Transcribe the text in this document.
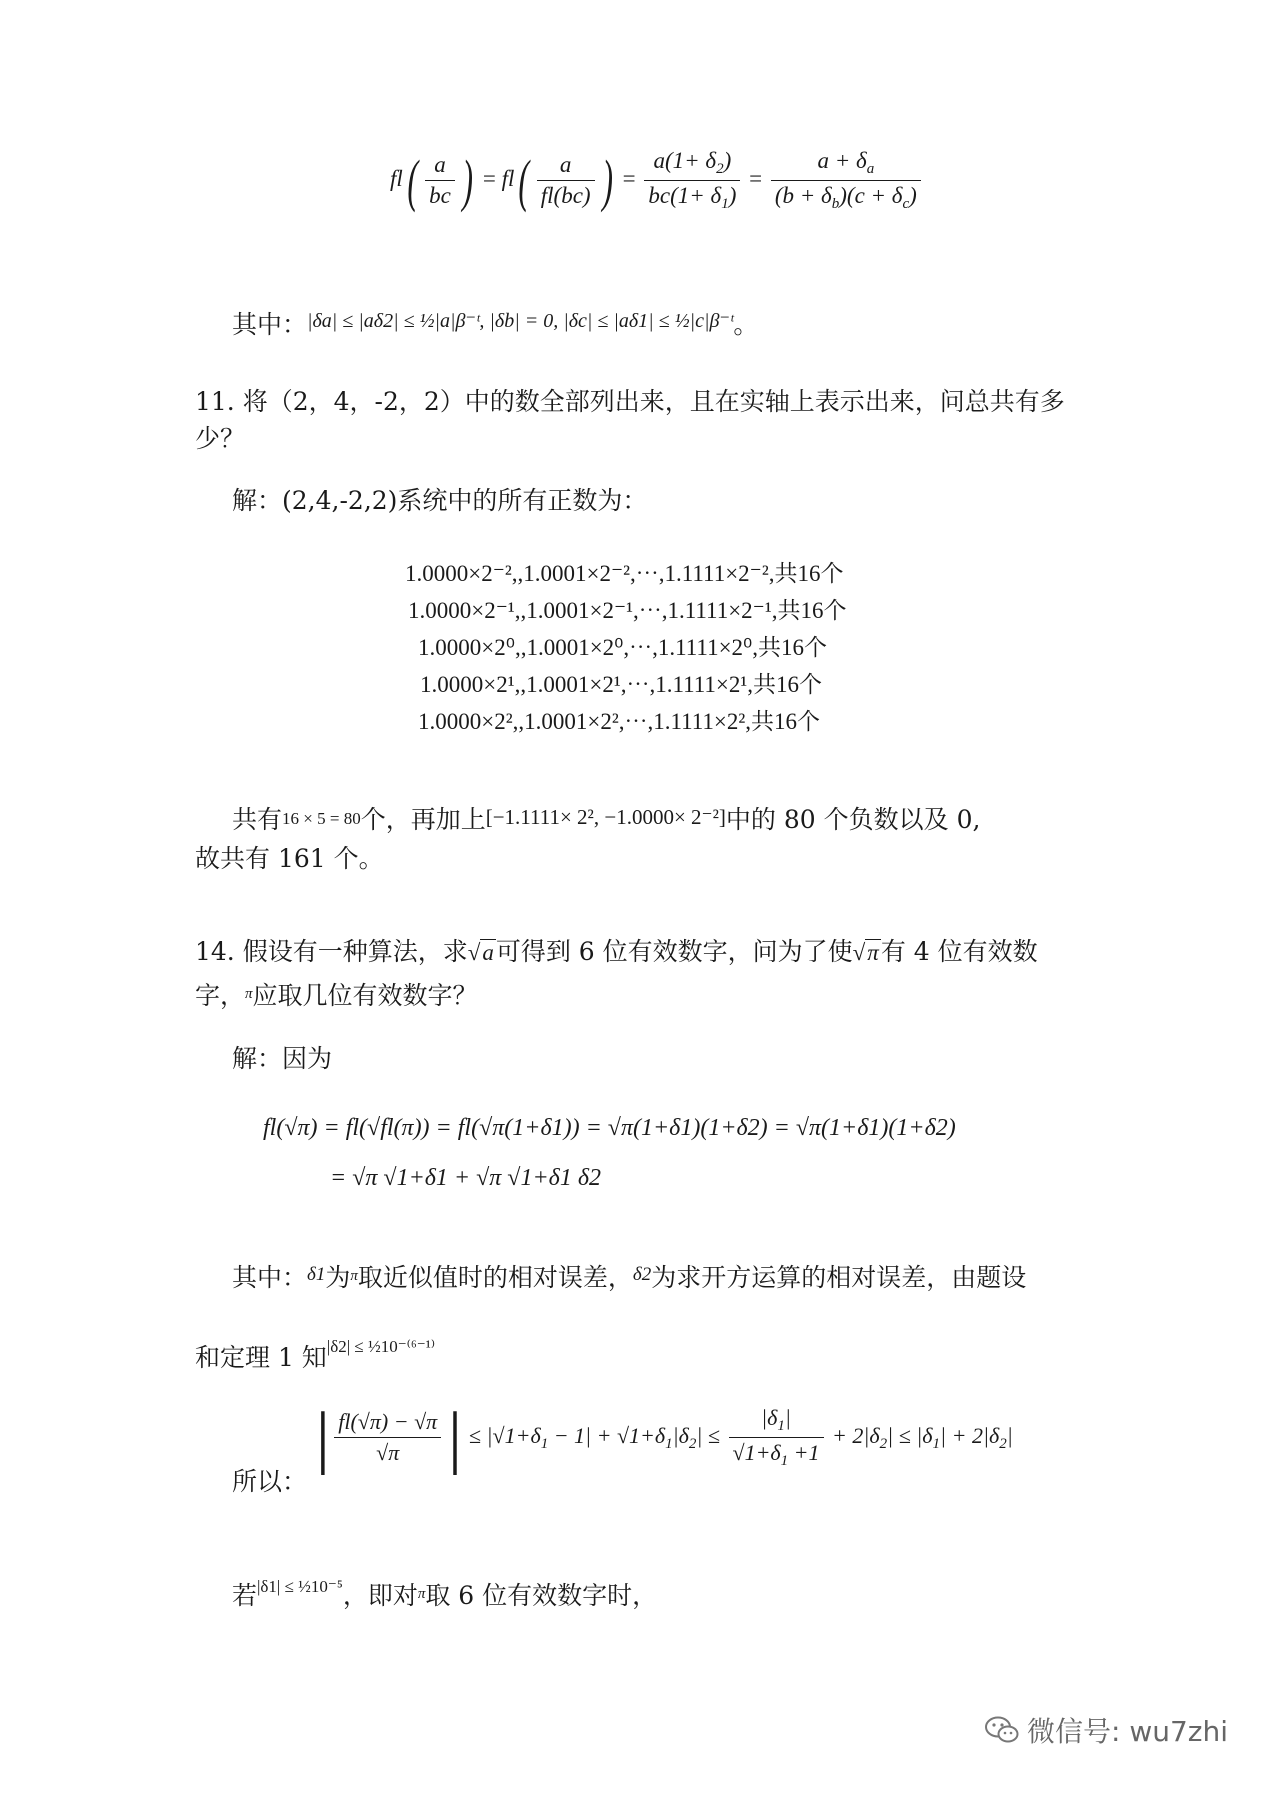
$fl( \frac{a}{bc}$ ) = $fl( \frac{a}{fl(bc)}$ ) = $\frac{a(1+ \delta_2)}{bc(1+ \delta_1)} = \frac{a + \delta_a}{(b + \delta_b)(c + \delta_c)}$
其中：$^{|\delta a| \le |a\delta 2| \le \frac{1}{2}|a|\beta^-ᵗ, |\delta b| = 0, |\delta c| \le |a\delta 1| \le \frac{1}{2}|c|\beta^-ᵗ}$。
11. 将（2，4，-2，2）中的数全部列出来，且在实轴上表示出来，问总共有多
少？
解：(2,4,-2,2)系统中的所有正数为：
1.0000×2⁻²,,1.0001×2⁻²,⋯,1.1111×2⁻²,共16个
1.0000×2⁻¹,,1.0001×2⁻¹,⋯,1.1111×2⁻¹,共16个
1.0000×2⁰,,1.0001×2⁰,⋯,1.1111×2⁰,共16个
1.0000×2¹,,1.0001×2¹,⋯,1.1111×2¹,共16个
1.0000×2²,,1.0001×2²,⋯,1.1111×2²,共16个
共有16 × 5 = 80个，再加上[−1.1111× 2², −1.0000× 2⁻²]中的 80 个负数以及 0,
故共有 161 个。
14. 假设有一种算法，求√a可得到 6 位有效数字，问为了使√π有 4 位有效数
字，$^\pi$应取几位有效数字？
解：因为
fl(√π) = fl(√fl(π)) = fl(√π(1+δ1)) = √π(1+δ1)(1+δ2) = √π(1+δ1)(1+δ2)
= √π √1+δ1 + √π √1+δ1 δ2
其中：$^{\delta 1}$为$^\pi$取近似值时的相对误差，$^{\delta 2}$为求开方运算的相对误差，由题设
和定理 1 知$^{|\delta 2| \le \frac{1}{2}10^{-(6-1)}}$
所以：
| $\frac{fl(√\pi) - √\pi}{√\pi}$ | ≤ $|√1+\delta_1 - 1| + √1+\delta_1|\delta_2| \le \frac{|\delta_1|}{√1+\delta_1 +1} + 2|\delta_2| \le |\delta_1| + 2|\delta_2|$
若$^{|\delta 1| \le \frac{1}{2}10^{-5}}$，即对$^\pi$取 6 位有效数字时，
微信号: wu7zhi
